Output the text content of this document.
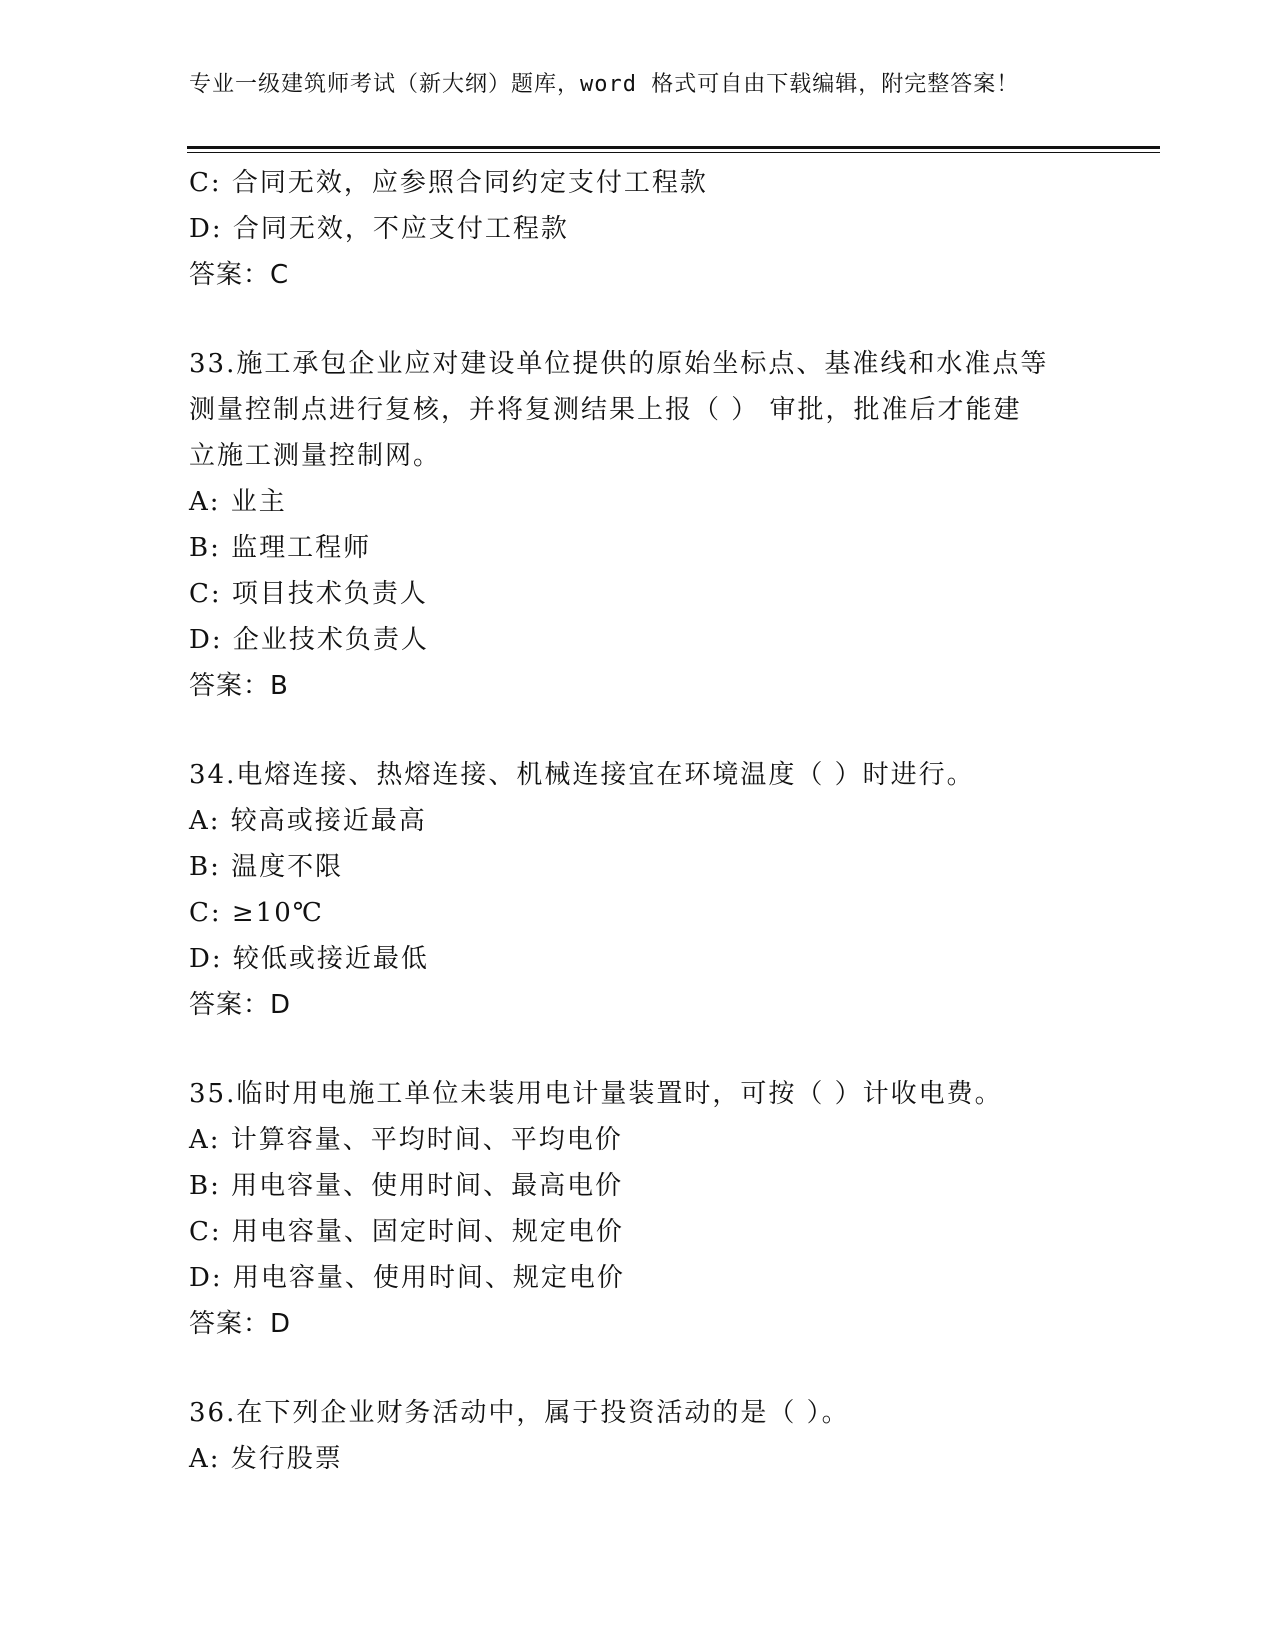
专业一级建筑师考试（新大纲）题库，word 格式可自由下载编辑，附完整答案！
C: 合同无效，应参照合同约定支付工程款
D: 合同无效，不应支付工程款
答案：C
33.施工承包企业应对建设单位提供的原始坐标点、基准线和水准点等
测量控制点进行复核，并将复测结果上报（ ） 审批，批准后才能建
立施工测量控制网。
A: 业主
B: 监理工程师
C: 项目技术负责人
D: 企业技术负责人
答案：B
34.电熔连接、热熔连接、机械连接宜在环境温度（ ）时进行。
A: 较高或接近最高
B: 温度不限
C: ≥10℃
D: 较低或接近最低
答案：D
35.临时用电施工单位未装用电计量装置时，可按（ ）计收电费。
A: 计算容量、平均时间、平均电价
B: 用电容量、使用时间、最高电价
C: 用电容量、固定时间、规定电价
D: 用电容量、使用时间、规定电价
答案：D
36.在下列企业财务活动中，属于投资活动的是（ ）。
A: 发行股票
